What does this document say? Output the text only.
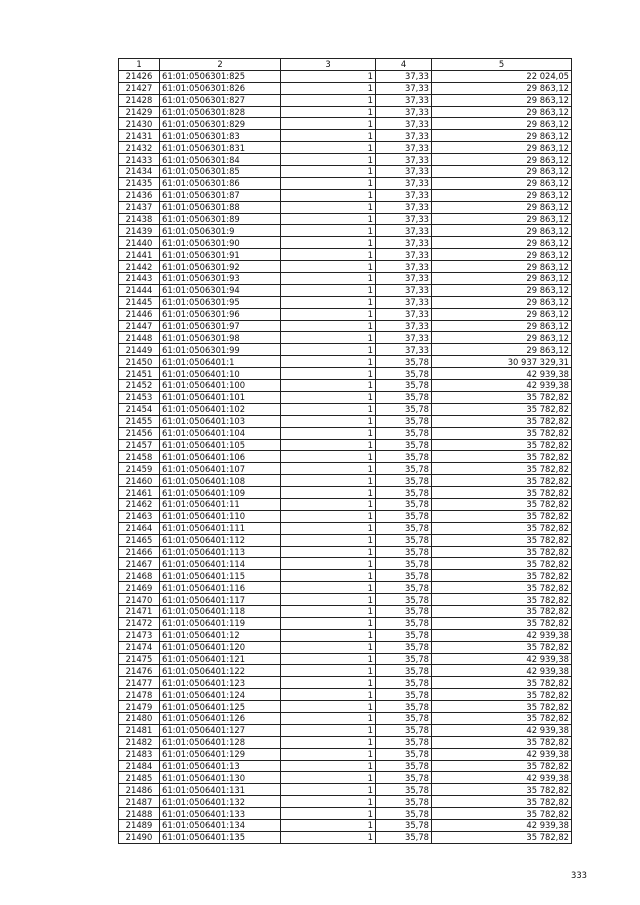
1	2	3	4	5
21426	61:01:0506301:825	1	37,33	22 024,05
21427	61:01:0506301:826	1	37,33	29 863,12
21428	61:01:0506301:827	1	37,33	29 863,12
21429	61:01:0506301:828	1	37,33	29 863,12
21430	61:01:0506301:829	1	37,33	29 863,12
21431	61:01:0506301:83	1	37,33	29 863,12
21432	61:01:0506301:831	1	37,33	29 863,12
21433	61:01:0506301:84	1	37,33	29 863,12
21434	61:01:0506301:85	1	37,33	29 863,12
21435	61:01:0506301:86	1	37,33	29 863,12
21436	61:01:0506301:87	1	37,33	29 863,12
21437	61:01:0506301:88	1	37,33	29 863,12
21438	61:01:0506301:89	1	37,33	29 863,12
21439	61:01:0506301:9	1	37,33	29 863,12
21440	61:01:0506301:90	1	37,33	29 863,12
21441	61:01:0506301:91	1	37,33	29 863,12
21442	61:01:0506301:92	1	37,33	29 863,12
21443	61:01:0506301:93	1	37,33	29 863,12
21444	61:01:0506301:94	1	37,33	29 863,12
21445	61:01:0506301:95	1	37,33	29 863,12
21446	61:01:0506301:96	1	37,33	29 863,12
21447	61:01:0506301:97	1	37,33	29 863,12
21448	61:01:0506301:98	1	37,33	29 863,12
21449	61:01:0506301:99	1	37,33	29 863,12
21450	61:01:0506401:1	1	35,78	30 937 329,31
21451	61:01:0506401:10	1	35,78	42 939,38
21452	61:01:0506401:100	1	35,78	42 939,38
21453	61:01:0506401:101	1	35,78	35 782,82
21454	61:01:0506401:102	1	35,78	35 782,82
21455	61:01:0506401:103	1	35,78	35 782,82
21456	61:01:0506401:104	1	35,78	35 782,82
21457	61:01:0506401:105	1	35,78	35 782,82
21458	61:01:0506401:106	1	35,78	35 782,82
21459	61:01:0506401:107	1	35,78	35 782,82
21460	61:01:0506401:108	1	35,78	35 782,82
21461	61:01:0506401:109	1	35,78	35 782,82
21462	61:01:0506401:11	1	35,78	35 782,82
21463	61:01:0506401:110	1	35,78	35 782,82
21464	61:01:0506401:111	1	35,78	35 782,82
21465	61:01:0506401:112	1	35,78	35 782,82
21466	61:01:0506401:113	1	35,78	35 782,82
21467	61:01:0506401:114	1	35,78	35 782,82
21468	61:01:0506401:115	1	35,78	35 782,82
21469	61:01:0506401:116	1	35,78	35 782,82
21470	61:01:0506401:117	1	35,78	35 782,82
21471	61:01:0506401:118	1	35,78	35 782,82
21472	61:01:0506401:119	1	35,78	35 782,82
21473	61:01:0506401:12	1	35,78	42 939,38
21474	61:01:0506401:120	1	35,78	35 782,82
21475	61:01:0506401:121	1	35,78	42 939,38
21476	61:01:0506401:122	1	35,78	42 939,38
21477	61:01:0506401:123	1	35,78	35 782,82
21478	61:01:0506401:124	1	35,78	35 782,82
21479	61:01:0506401:125	1	35,78	35 782,82
21480	61:01:0506401:126	1	35,78	35 782,82
21481	61:01:0506401:127	1	35,78	42 939,38
21482	61:01:0506401:128	1	35,78	35 782,82
21483	61:01:0506401:129	1	35,78	42 939,38
21484	61:01:0506401:13	1	35,78	35 782,82
21485	61:01:0506401:130	1	35,78	42 939,38
21486	61:01:0506401:131	1	35,78	35 782,82
21487	61:01:0506401:132	1	35,78	35 782,82
21488	61:01:0506401:133	1	35,78	35 782,82
21489	61:01:0506401:134	1	35,78	42 939,38
21490	61:01:0506401:135	1	35,78	35 782,82
333
